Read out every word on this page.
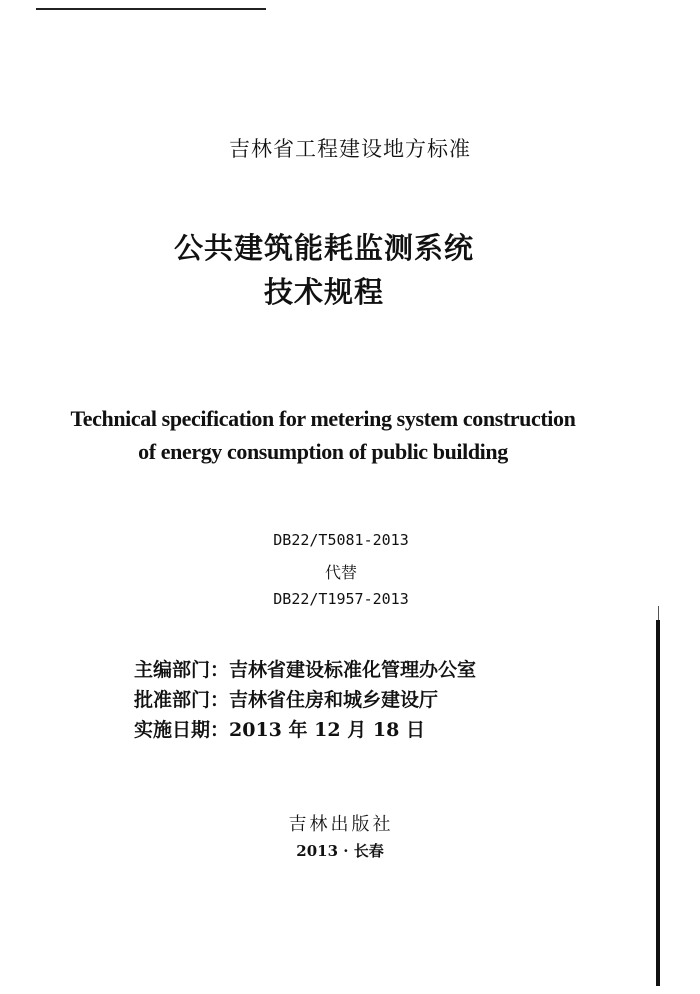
吉林省工程建设地方标准
公共建筑能耗监测系统
技术规程
Technical specification for metering system construction
of energy consumption of public building
DB22/T5081-2013
代替
DB22/T1957-2013
主编部门：吉林省建设标准化管理办公室
批准部门：吉林省住房和城乡建设厅
实施日期：2013 年 12 月 18 日
吉林出版社
2013 · 长春
